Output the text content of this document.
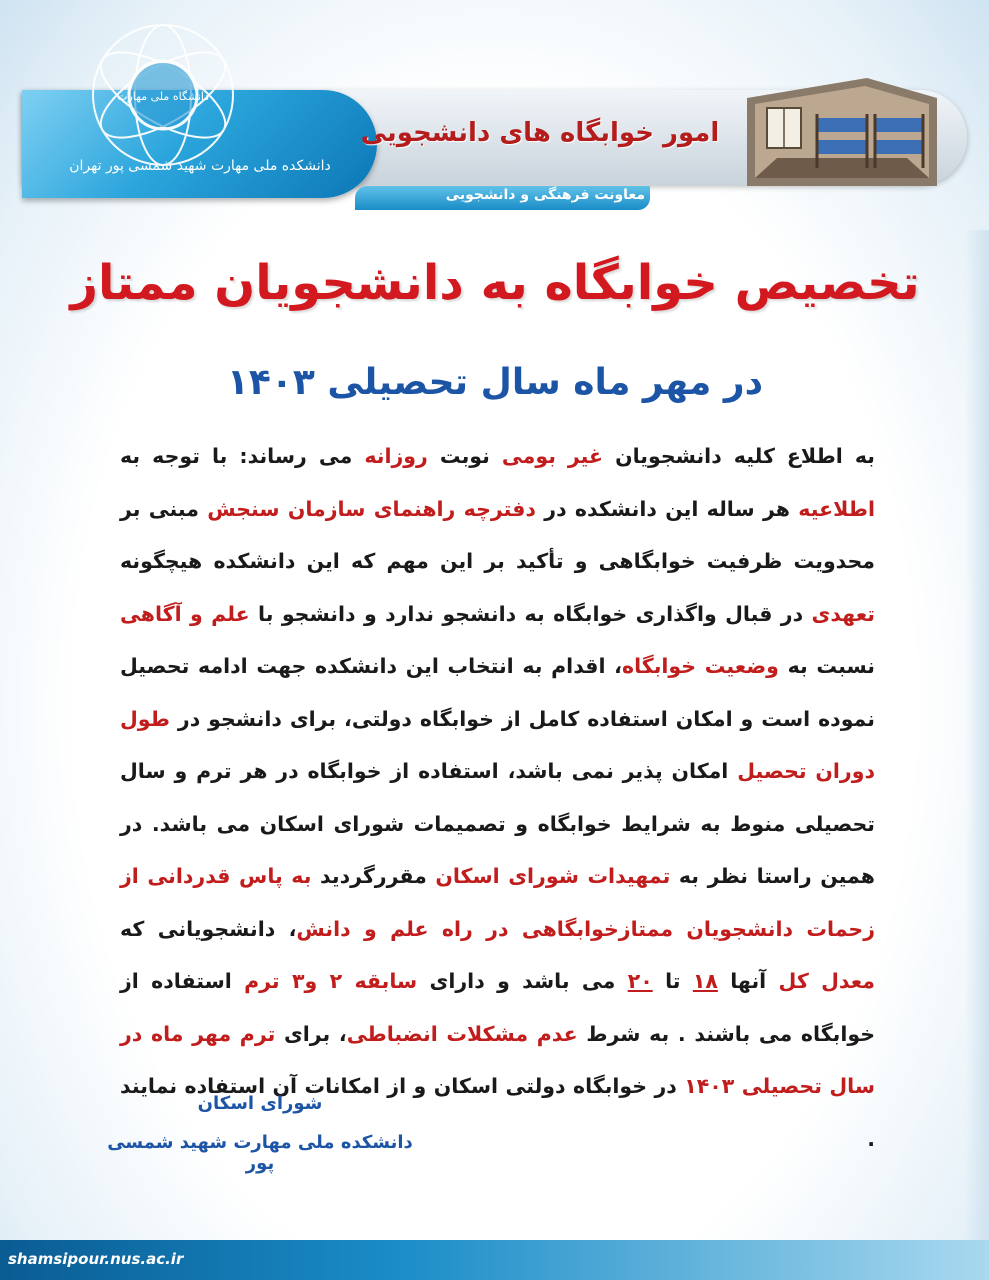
دانشگاه ملی مهارت
دانشکده ملی مهارت شهید شمسی پور تهران
امور خوابگاه های دانشجویی
معاونت فرهنگی و دانشجویی
تخصیص خوابگاه به دانشجویان ممتاز
در مهر ماه سال تحصیلی ۱۴۰۳
به اطلاع کلیه دانشجویان غیر بومی نوبت روزانه می رساند: با توجه به اطلاعیه هر ساله این دانشکده در دفترچه راهنمای سازمان سنجش مبنی بر محدویت ظرفیت خوابگاهی و تأکید بر این مهم که این دانشکده هیچگونه تعهدی در قبال واگذاری خوابگاه به دانشجو ندارد و دانشجو با علم و آگاهی نسبت به وضعیت خوابگاه، اقدام به انتخاب این دانشکده جهت ادامه تحصیل نموده است و امکان استفاده کامل از خوابگاه دولتی، برای دانشجو در طول دوران تحصیل امکان پذیر نمی باشد، استفاده از خوابگاه در هر ترم و سال تحصیلی منوط به شرایط خوابگاه و تصمیمات شورای اسکان می باشد. در همین راستا نظر به تمهیدات شورای اسکان مقررگردید به پاس قدردانی از زحمات دانشجویان ممتازخوابگاهی در راه علم و دانش، دانشجویانی که معدل کل آنها ۱۸ تا ۲۰ می باشد و دارای سابقه ۲ و۳ ترم استفاده از خوابگاه می باشند . به شرط عدم مشکلات انضباطی، برای ترم مهر ماه در سال تحصیلی ۱۴۰۳ در خوابگاه دولتی اسکان و از امکانات آن استفاده نمایند .
شورای اسکان
دانشکده ملی مهارت شهید شمسی پور
shamsipour.nus.ac.ir
